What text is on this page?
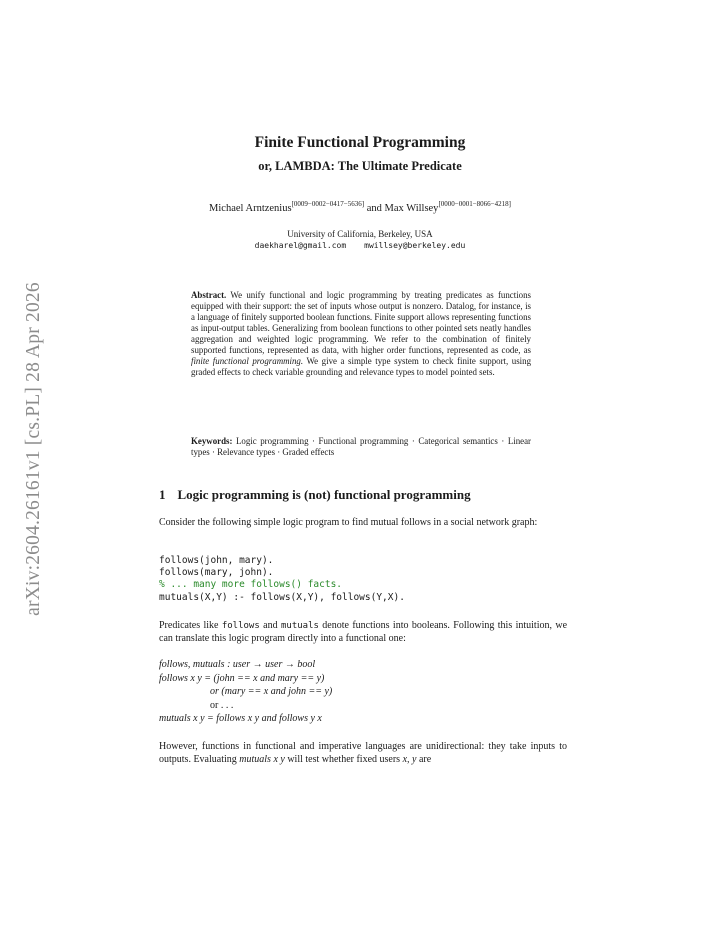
arXiv:2604.26161v1 [cs.PL] 28 Apr 2026
Finite Functional Programming
or, LAMBDA: The Ultimate Predicate
Michael Arntzenius[0009−0002−0417−5636] and Max Willsey[0000−0001−8066−4218]
University of California, Berkeley, USA
daekharel@gmail.com mwillsey@berkeley.edu
Abstract. We unify functional and logic programming by treating predicates as functions equipped with their support: the set of inputs whose output is nonzero. Datalog, for instance, is a language of finitely supported boolean functions. Finite support allows representing functions as input-output tables. Generalizing from boolean functions to other pointed sets neatly handles aggregation and weighted logic programming. We refer to the combination of finitely supported functions, represented as data, with higher order functions, represented as code, as finite functional programming. We give a simple type system to check finite support, using graded effects to check variable grounding and relevance types to model pointed sets.
Keywords: Logic programming · Functional programming · Categorical semantics · Linear types · Relevance types · Graded effects
1 Logic programming is (not) functional programming
Consider the following simple logic program to find mutual follows in a social network graph:
follows(john, mary).
follows(mary, john).
% ... many more follows() facts.
mutuals(X,Y) :- follows(X,Y), follows(Y,X).
Predicates like follows and mutuals denote functions into booleans. Following this intuition, we can translate this logic program directly into a functional one:
follows, mutuals : user → user → bool
follows x y = (john == x and mary == y)
or (mary == x and john == y)
or . . .
mutuals x y = follows x y and follows y x
However, functions in functional and imperative languages are unidirectional: they take inputs to outputs. Evaluating mutuals x y will test whether fixed users x, y are
